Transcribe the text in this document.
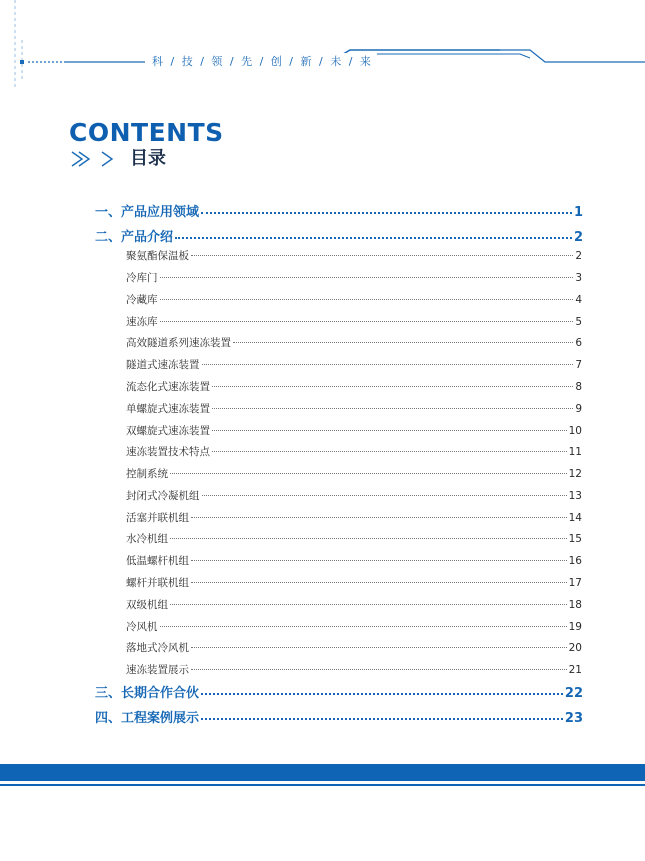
科 / 技 / 领 / 先 / 创 / 新 / 未 / 来
CONTENTS
目录
一、产品应用领域	1
二、产品介绍	2
聚氨酯保温板	2
冷库门	3
冷藏库	4
速冻库	5
高效隧道系列速冻装置	6
隧道式速冻装置	7
流态化式速冻装置	8
单螺旋式速冻装置	9
双螺旋式速冻装置	10
速冻装置技术特点	11
控制系统	12
封闭式冷凝机组	13
活塞并联机组	14
水冷机组	15
低温螺杆机组	16
螺杆并联机组	17
双级机组	18
冷风机	19
落地式冷风机	20
速冻装置展示	21
三、长期合作合伙	22
四、工程案例展示	23
